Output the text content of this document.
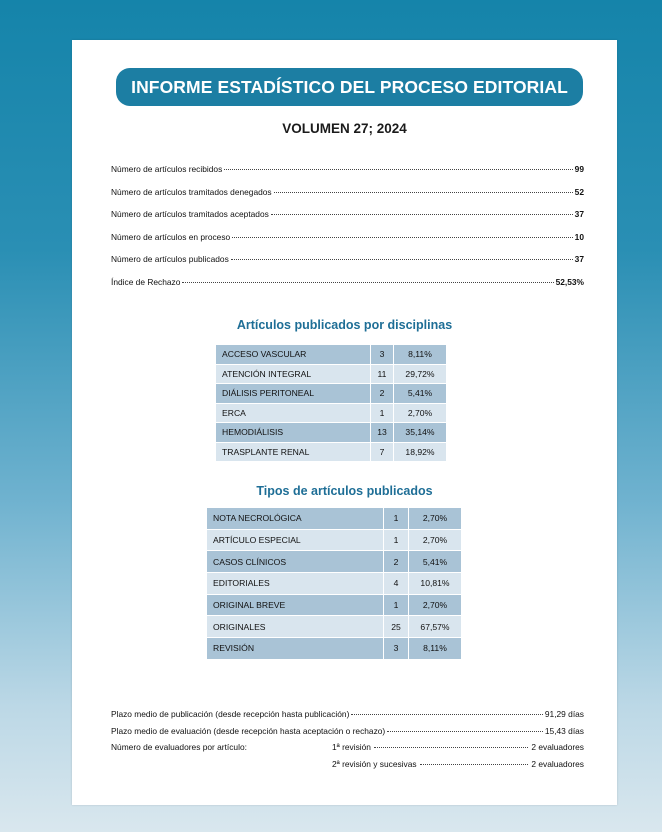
INFORME ESTADÍSTICO DEL PROCESO EDITORIAL
VOLUMEN 27; 2024
Número de artículos recibidos	99
Número de artículos tramitados denegados	52
Número de artículos tramitados aceptados	37
Número de artículos en proceso	10
Número de artículos publicados	37
Índice de Rechazo	52,53%
Artículos publicados por disciplinas
ACCESO VASCULAR	3	8,11%
ATENCIÓN INTEGRAL	11	29,72%
DIÁLISIS PERITONEAL	2	5,41%
ERCA	1	2,70%
HEMODIÁLISIS	13	35,14%
TRASPLANTE RENAL	7	18,92%
Tipos de artículos publicados
NOTA NECROLÓGICA	1	2,70%
ARTÍCULO ESPECIAL	1	2,70%
CASOS CLÍNICOS	2	5,41%
EDITORIALES	4	10,81%
ORIGINAL BREVE	1	2,70%
ORIGINALES	25	67,57%
REVISIÓN	3	8,11%
Plazo medio de publicación (desde recepción hasta publicación)	91,29 días
Plazo medio de evaluación (desde recepción hasta aceptación o rechazo)	15,43 días
Número de evaluadores por artículo:	1ª revisión	2 evaluadores
2ª revisión y sucesivas	2 evaluadores
